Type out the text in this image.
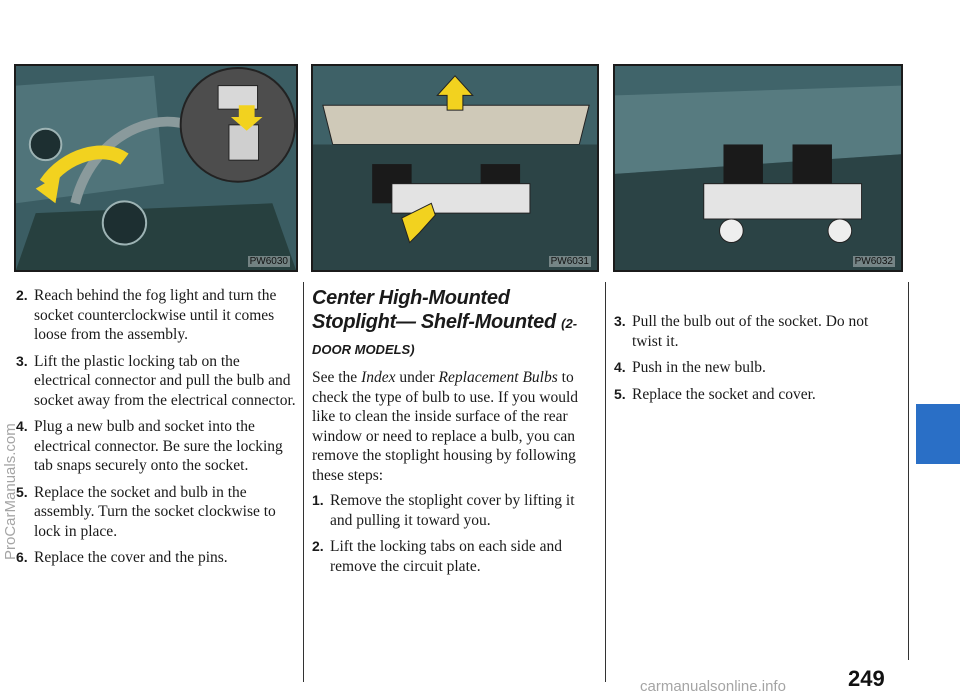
PW6030	PW6031	PW6032
2. Reach behind the fog light and turn the socket counterclockwise until it comes loose from the assembly.
3. Lift the plastic locking tab on the electrical connector and pull the bulb and socket away from the electrical connector.
4. Plug a new bulb and socket into the electrical connector. Be sure the locking tab snaps securely onto the socket.
5. Replace the socket and bulb in the assembly. Turn the socket clockwise to lock in place.
6. Replace the cover and the pins.
Center High-Mounted Stoplight— Shelf-Mounted (2-DOOR MODELS)

See the Index under Replacement Bulbs to check the type of bulb to use. If you would like to clean the inside surface of the rear window or need to replace a bulb, you can remove the stoplight housing by following these steps:

1. Remove the stoplight cover by lifting it and pulling it toward you.
2. Lift the locking tabs on each side and remove the circuit plate.
3. Pull the bulb out of the socket. Do not twist it.
4. Push in the new bulb.
5. Replace the socket and cover.
249
ProCarManuals.com
carmanualsonline.info
